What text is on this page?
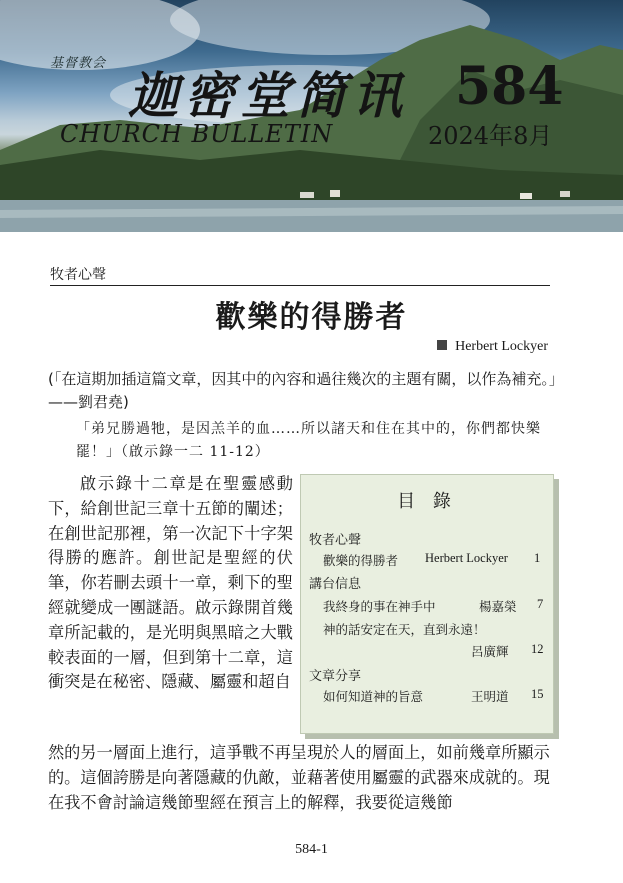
基督教会
迦密堂简讯
CHURCH BULLETIN
584
2024年8月
牧者心聲
歡樂的得勝者
Herbert Lockyer
(「在這期加插這篇文章，因其中的內容和過往幾次的主題有關，以作為補充。」——劉君堯)
「弟兄勝過牠，是因羔羊的血……所以諸天和住在其中的，你們都快樂罷！」（啟示錄一二 11-12）
啟示錄十二章是在聖靈感動下，給創世記三章十五節的闡述；在創世記那裡，第一次記下十字架得勝的應許。創世記是聖經的伏筆，你若刪去頭十一章，剩下的聖經就變成一團謎語。啟示錄開首幾章所記載的，是光明與黑暗之大戰較表面的一層，但到第十二章，這衝突是在秘密、隱藏、屬靈和超自
然的另一層面上進行，這爭戰不再呈現於人的層面上，如前幾章所顯示的。這個誇勝是向著隱藏的仇敵，並藉著使用屬靈的武器來成就的。現在我不會討論這幾節聖經在預言上的解釋，我要從這幾節
目 錄
牧者心聲
歡樂的得勝者 Herbert Lockyer 1
講台信息
我終身的事在神手中	楊嘉榮 7
神的話安定在天，直到永遠！
呂廣輝 12
文章分享
如何知道神的旨意	王明道 15
584-1
